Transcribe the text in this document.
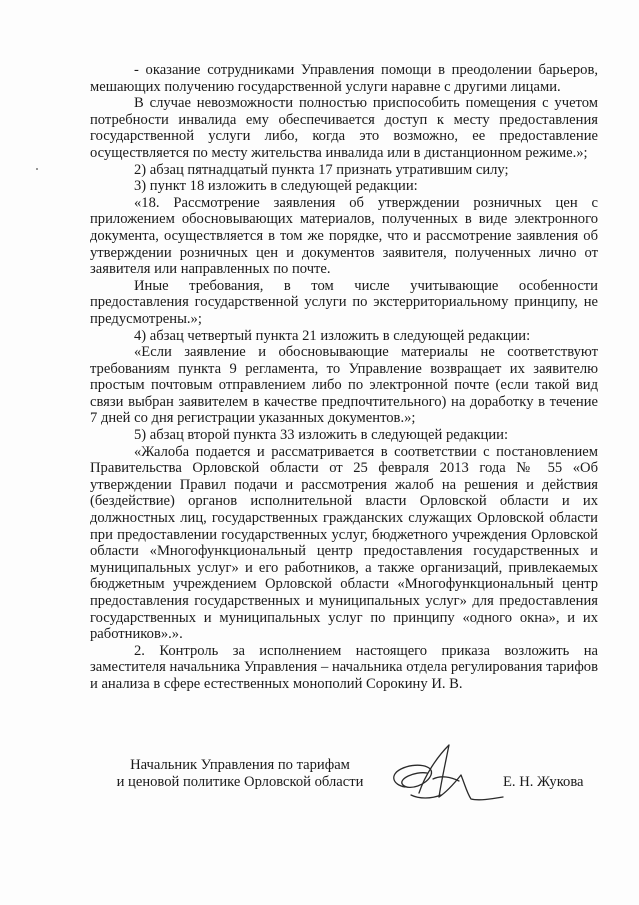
- оказание сотрудниками Управления помощи в преодолении барьеров, мешающих получению государственной услуги наравне с другими лицами.

В случае невозможности полностью приспособить помещения с учетом потребности инвалида ему обеспечивается доступ к месту предоставления государственной услуги либо, когда это возможно, ее предоставление осуществляется по месту жительства инвалида или в дистанционном режиме.»;

2) абзац пятнадцатый пункта 17 признать утратившим силу;

3) пункт 18 изложить в следующей редакции:

«18. Рассмотрение заявления об утверждении розничных цен с приложением обосновывающих материалов, полученных в виде электронного документа, осуществляется в том же порядке, что и рассмотрение заявления об утверждении розничных цен и документов заявителя, полученных лично от заявителя или направленных по почте.

Иные требования, в том числе учитывающие особенности предоставления государственной услуги по экстерриториальному принципу, не предусмотрены.»;

4) абзац четвертый пункта 21 изложить в следующей редакции:

«Если заявление и обосновывающие материалы не соответствуют требованиям пункта 9 регламента, то Управление возвращает их заявителю простым почтовым отправлением либо по электронной почте (если такой вид связи выбран заявителем в качестве предпочтительного) на доработку в течение 7 дней со дня регистрации указанных документов.»;

5) абзац второй пункта 33 изложить в следующей редакции:

«Жалоба подается и рассматривается в соответствии с постановлением Правительства Орловской области от 25 февраля 2013 года № 55 «Об утверждении Правил подачи и рассмотрения жалоб на решения и действия (бездействие) органов исполнительной власти Орловской области и их должностных лиц, государственных гражданских служащих Орловской области при предоставлении государственных услуг, бюджетного учреждения Орловской области «Многофункциональный центр предоставления государственных и муниципальных услуг» и его работников, а также организаций, привлекаемых бюджетным учреждением Орловской области «Многофункциональный центр предоставления государственных и муниципальных услуг» для предоставления государственных и муниципальных услуг по принципу «одного окна», и их работников».».

2. Контроль за исполнением настоящего приказа возложить на заместителя начальника Управления – начальника отдела регулирования тарифов и анализа в сфере естественных монополий Сорокину И. В.

Начальник Управления по тарифам
и ценовой политике Орловской области	Е. Н. Жукова
